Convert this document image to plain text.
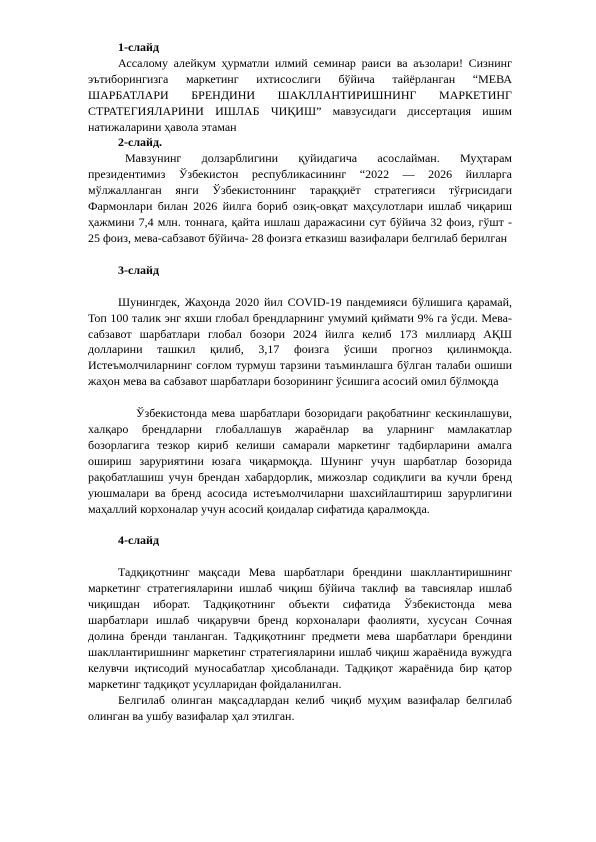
1-слайд

Ассалому алейкум ҳурматли илмий семинар раиси ва аъзолари! Сизнинг эътиборингизга маркетинг ихтисослиги бўйича тайёрланган “МЕВА ШАРБАТЛАРИ БРЕНДИНИ ШАКЛЛАНТИРИШНИНГ МАРКЕТИНГ СТРАТЕГИЯЛАРИНИ ИШЛАБ ЧИҚИШ” мавзусидаги диссертация ишим натижаларини ҳавола этаман

2-слайд.

Мавзунинг долзарблигини қуйидагича асослайман. Муҳтарам президентимиз Ўзбекистон республикасининг “2022 — 2026 йилларга мўлжалланган янги Ўзбекистоннинг тараққиёт стратегияси тўғрисидаги Фармонлари билан 2026 йилга бориб озиқ-овқат маҳсулотлари ишлаб чиқариш ҳажмини 7,4 млн. тоннага, қайта ишлаш даражасини сут бўйича 32 фоиз, гўшт - 25 фоиз, мева-сабзавот бўйича- 28 фоизга етказиш вазифалари белгилаб берилган

3-слайд

Шунингдек, Жаҳонда 2020 йил COVID-19 пандемияси бўлишига қарамай, Топ 100 талик энг яхши глобал брендларнинг умумий қиймати 9% га ўсди. Мева-сабзавот шарбатлари глобал бозори 2024 йилга келиб 173 миллиард АҚШ долларини ташкил қилиб, 3,17 фоизга ўсиши прогноз қилинмоқда. Истеъмолчиларнинг соғлом турмуш тарзини таъминлашга бўлган талаби ошиши жаҳон мева ва сабзавот шарбатлари бозорининг ўсишига асосий омил бўлмоқда

Ўзбекистонда мева шарбатлари бозоридаги рақобатнинг кескинлашуви, халқаро брендларни глобаллашув жараёнлар ва уларнинг мамлакатлар бозорлагига тезкор кириб келиши самарали маркетинг тадбирларини амалга ошириш заруриятини юзага чиқармоқда. Шунинг учун шарбатлар бозорида рақобатлашиш учун брендан хабардорлик, мижозлар содиқлиги ва кучли бренд уюшмалари ва бренд асосида истеъмолчиларни шахсийлаштириш зарурлигини маҳаллий корхоналар учун асосий қоидалар сифатида қаралмоқда.

4-слайд

Тадқиқотнинг мақсади Мева шарбатлари брендини шакллантиришнинг маркетинг стратегияларини ишлаб чиқиш бўйича таклиф ва тавсиялар ишлаб чиқишдан иборат. Тадқиқотнинг объекти сифатида Ўзбекистонда мева шарбатлари ишлаб чиқарувчи бренд корхоналари фаолияти, хусусан Сочная долина бренди танланган. Тадқиқотнинг предмети мева шарбатлари брендини шакллантиришнинг маркетинг стратегияларини ишлаб чиқиш жараёнида вужудга келувчи иқтисодий муносабатлар ҳисобланади. Тадқиқот жараёнида бир қатор маркетинг тадқиқот усулларидан фойдаланилган.

Белгилаб олинган мақсадлардан келиб чиқиб муҳим вазифалар белгилаб олинган ва ушбу вазифалар ҳал этилган.
